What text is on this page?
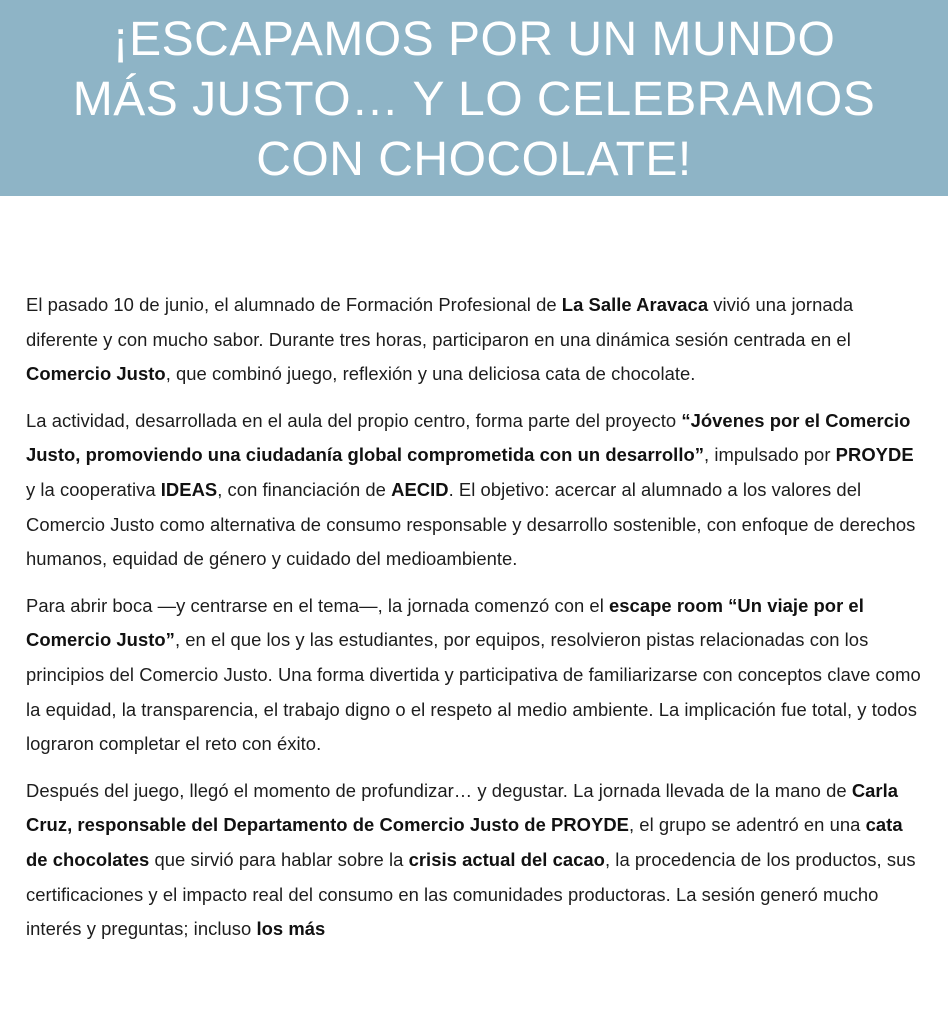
¡ESCAPAMOS POR UN MUNDO
MÁS JUSTO… Y LO CELEBRAMOS
CON CHOCOLATE!

El pasado 10 de junio, el alumnado de Formación Profesional de La Salle Aravaca vivió una jornada diferente y con mucho sabor. Durante tres horas, participaron en una dinámica sesión centrada en el Comercio Justo, que combinó juego, reflexión y una deliciosa cata de chocolate.

La actividad, desarrollada en el aula del propio centro, forma parte del proyecto “Jóvenes por el Comercio Justo, promoviendo una ciudadanía global comprometida con un desarrollo”, impulsado por PROYDE y la cooperativa IDEAS, con financiación de AECID. El objetivo: acercar al alumnado a los valores del Comercio Justo como alternativa de consumo responsable y desarrollo sostenible, con enfoque de derechos humanos, equidad de género y cuidado del medioambiente.

Para abrir boca —y centrarse en el tema—, la jornada comenzó con el escape room “Un viaje por el Comercio Justo”, en el que los y las estudiantes, por equipos, resolvieron pistas relacionadas con los principios del Comercio Justo. Una forma divertida y participativa de familiarizarse con conceptos clave como la equidad, la transparencia, el trabajo digno o el respeto al medio ambiente. La implicación fue total, y todos lograron completar el reto con éxito.

Después del juego, llegó el momento de profundizar… y degustar. La jornada llevada de la mano de Carla Cruz, responsable del Departamento de Comercio Justo de PROYDE, el grupo se adentró en una cata de chocolates que sirvió para hablar sobre la crisis actual del cacao, la procedencia de los productos, sus certificaciones y el impacto real del consumo en las comunidades productoras. La sesión generó mucho interés y preguntas; incluso los más
